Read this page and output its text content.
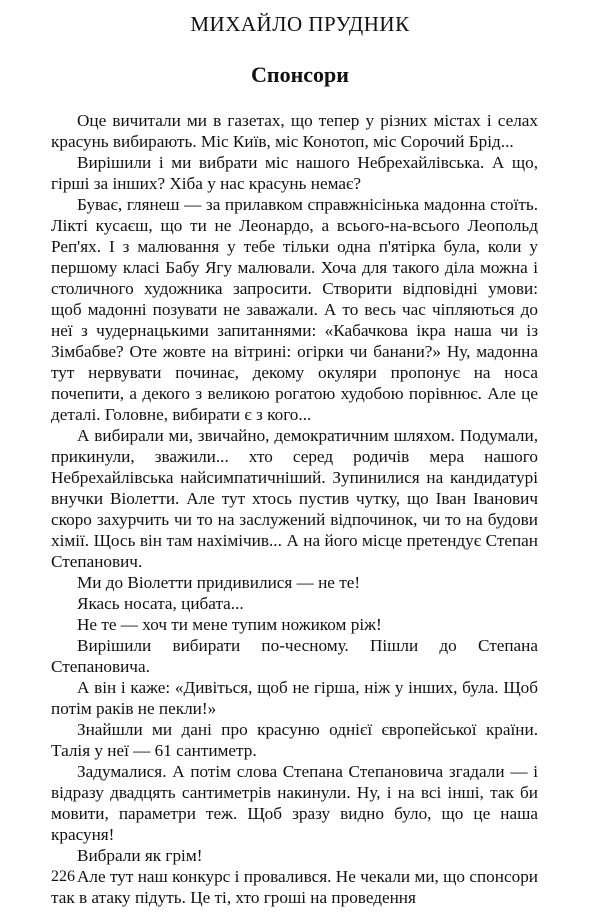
МИХАЙЛО ПРУДНИК
Спонсори

Оце вичитали ми в газетах, що тепер у різних містах і селах красунь вибирають. Міс Київ, міс Конотоп, міс Сорочий Брід...

Вирішили і ми вибрати міс нашого Небрехайлівська. А що, гірші за інших? Хіба у нас красунь немає?

Буває, глянеш — за прилавком справжнісінька мадонна стоїть. Лікті кусаєш, що ти не Леонардо, а всього-на-всього Леопольд Реп'ях. І з малювання у тебе тільки одна п'ятірка була, коли у першому класі Бабу Ягу малювали. Хоча для такого діла можна і столичного художника запросити. Створити відповідні умови: щоб мадонні позувати не заважали. А то весь час чіпляються до неї з чудернацькими запитаннями: «Кабачкова ікра наша чи із Зімбабве? Оте жовте на вітрині: огірки чи банани?» Ну, мадонна тут нервувати починає, декому окуляри пропонує на носа почепити, а декого з великою рогатою худобою порівнює. Але це деталі. Головне, вибирати є з кого...

А вибирали ми, звичайно, демократичним шляхом. Подумали, прикинули, зважили... хто серед родичів мера нашого Небрехайлівська найсимпатичніший. Зупинилися на кандидатурі внучки Віолетти. Але тут хтось пустив чутку, що Іван Іванович скоро захурчить чи то на заслужений відпочинок, чи то на будови хімії. Щось він там нахімічив... А на його місце претендує Степан Степанович.

Ми до Віолетти придивилися — не те!

Якась носата, цибата...

Не те — хоч ти мене тупим ножиком ріж!

Вирішили вибирати по-чесному. Пішли до Степана Степановича.

А він і каже: «Дивіться, щоб не гірша, ніж у інших, була. Щоб потім раків не пекли!»

Знайшли ми дані про красуню однієї європейської країни. Талія у неї — 61 сантиметр.

Задумалися. А потім слова Степана Степановича згадали — і відразу двадцять сантиметрів накинули. Ну, і на всі інші, так би мовити, параметри теж. Щоб зразу видно було, що це наша красуня!

Вибрали як грім!

Але тут наш конкурс і провалився. Не чекали ми, що спонсори так в атаку підуть. Це ті, хто гроші на проведення

226
